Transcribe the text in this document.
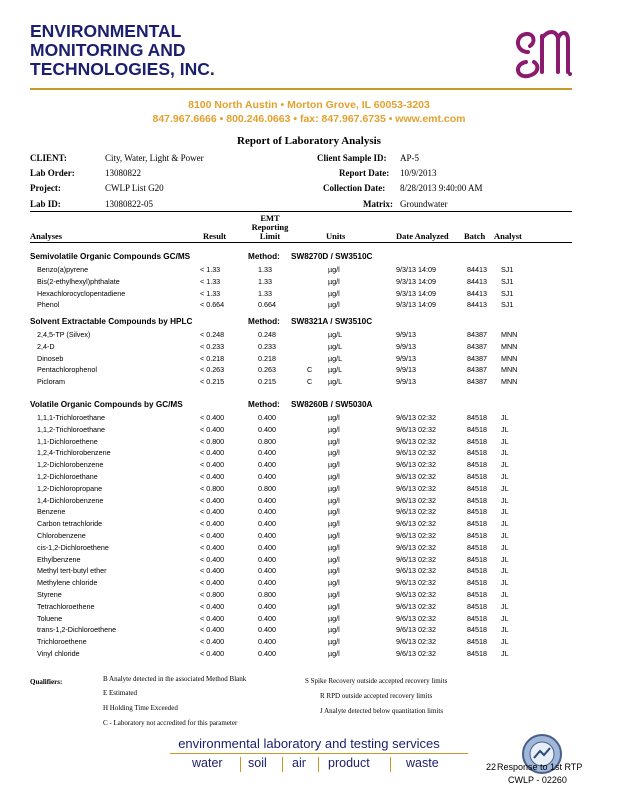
ENVIRONMENTAL
MONITORING AND
TECHNOLOGIES, INC.
8100 North Austin • Morton Grove, IL 60053-3203
847.967.6666 • 800.246.0663 • fax: 847.967.6735 • www.emt.com
Report of Laboratory Analysis
CLIENT:	City, Water, Light & Power	Client Sample ID: AP-5
Lab Order:	13080822	Report Date: 10/9/2013
Project:	CWLP List G20	Collection Date: 8/28/2013 9:40:00 AM
Lab ID:	13080822-05	Matrix: Groundwater
Analyses	Result
EMT
Reporting
Limit	Units	Date Analyzed Batch Analyst
Semivolatile Organic Compounds GC/MS	Method: SW8270D / SW3510C
Benzo(a)pyrene	< 1.33	1.33	µg/l	9/3/13 14:09	84413 SJ1
Bis(2-ethylhexyl)phthalate	< 1.33	1.33	µg/l	9/3/13 14:09	84413 SJ1
Hexachlorocyclopentadiene	< 1.33	1.33	µg/l	9/3/13 14:09	84413 SJ1
Phenol	< 0.664	0.664	µg/l	9/3/13 14:09	84413 SJ1
Solvent Extractable Compounds by HPLC	Method: SW8321A / SW3510C
2,4,5-TP (Silvex)	< 0.248	0.248	µg/L	9/9/13	84387 MNN
2,4-D	< 0.233	0.233	µg/L	9/9/13	84387 MNN
Dinoseb	< 0.218	0.218	µg/L	9/9/13	84387 MNN
Pentachlorophenol	< 0.263	0.263	C µg/L	9/9/13	84387 MNN
Picloram	< 0.215	0.215	C µg/L	9/9/13	84387 MNN
Volatile Organic Compounds by GC/MS	Method: SW8260B / SW5030A
1,1,1-Trichloroethane	< 0.400	0.400	µg/l	9/6/13 02:32	84518 JL
1,1,2-Trichloroethane	< 0.400	0.400	µg/l	9/6/13 02:32	84518 JL
1,1-Dichloroethene	< 0.800	0.800	µg/l	9/6/13 02:32	84518 JL
1,2,4-Trichlorobenzene	< 0.400	0.400	µg/l	9/6/13 02:32	84518 JL
1,2-Dichlorobenzene	< 0.400	0.400	µg/l	9/6/13 02:32	84518 JL
1,2-Dichloroethane	< 0.400	0.400	µg/l	9/6/13 02:32	84518 JL
1,2-Dichloropropane	< 0.800	0.800	µg/l	9/6/13 02:32	84518 JL
1,4-Dichlorobenzene	< 0.400	0.400	µg/l	9/6/13 02:32	84518 JL
Benzene	< 0.400	0.400	µg/l	9/6/13 02:32	84518 JL
Carbon tetrachloride	< 0.400	0.400	µg/l	9/6/13 02:32	84518 JL
Chlorobenzene	< 0.400	0.400	µg/l	9/6/13 02:32	84518 JL
cis-1,2-Dichloroethene	< 0.400	0.400	µg/l	9/6/13 02:32	84518 JL
Ethylbenzene	< 0.400	0.400	µg/l	9/6/13 02:32	84518 JL
Methyl tert-butyl ether	< 0.400	0.400	µg/l	9/6/13 02:32	84518 JL
Methylene chloride	< 0.400	0.400	µg/l	9/6/13 02:32	84518 JL
Styrene	< 0.800	0.800	µg/l	9/6/13 02:32	84518 JL
Tetrachloroethene	< 0.400	0.400	µg/l	9/6/13 02:32	84518 JL
Toluene	< 0.400	0.400	µg/l	9/6/13 02:32	84518 JL
trans-1,2-Dichloroethene	< 0.400	0.400	µg/l	9/6/13 02:32	84518 JL
Trichloroethene	< 0.400	0.400	µg/l	9/6/13 02:32	84518 JL
Vinyl chloride	< 0.400	0.400	µg/l	9/6/13 02:32	84518 JL
Qualifiers:	B Analyte detected in the associated Method Blank	S Spike Recovery outside accepted recovery limits
E Estimated	R RPD outside accepted recovery limits
H Holding Time Exceeded	J Analyte detected below quantitation limits
C - Laboratory not accredited for this parameter
environmental laboratory and testing services
water soil air product	waste	22 Response to 1st RTP
CWLP - 02260
